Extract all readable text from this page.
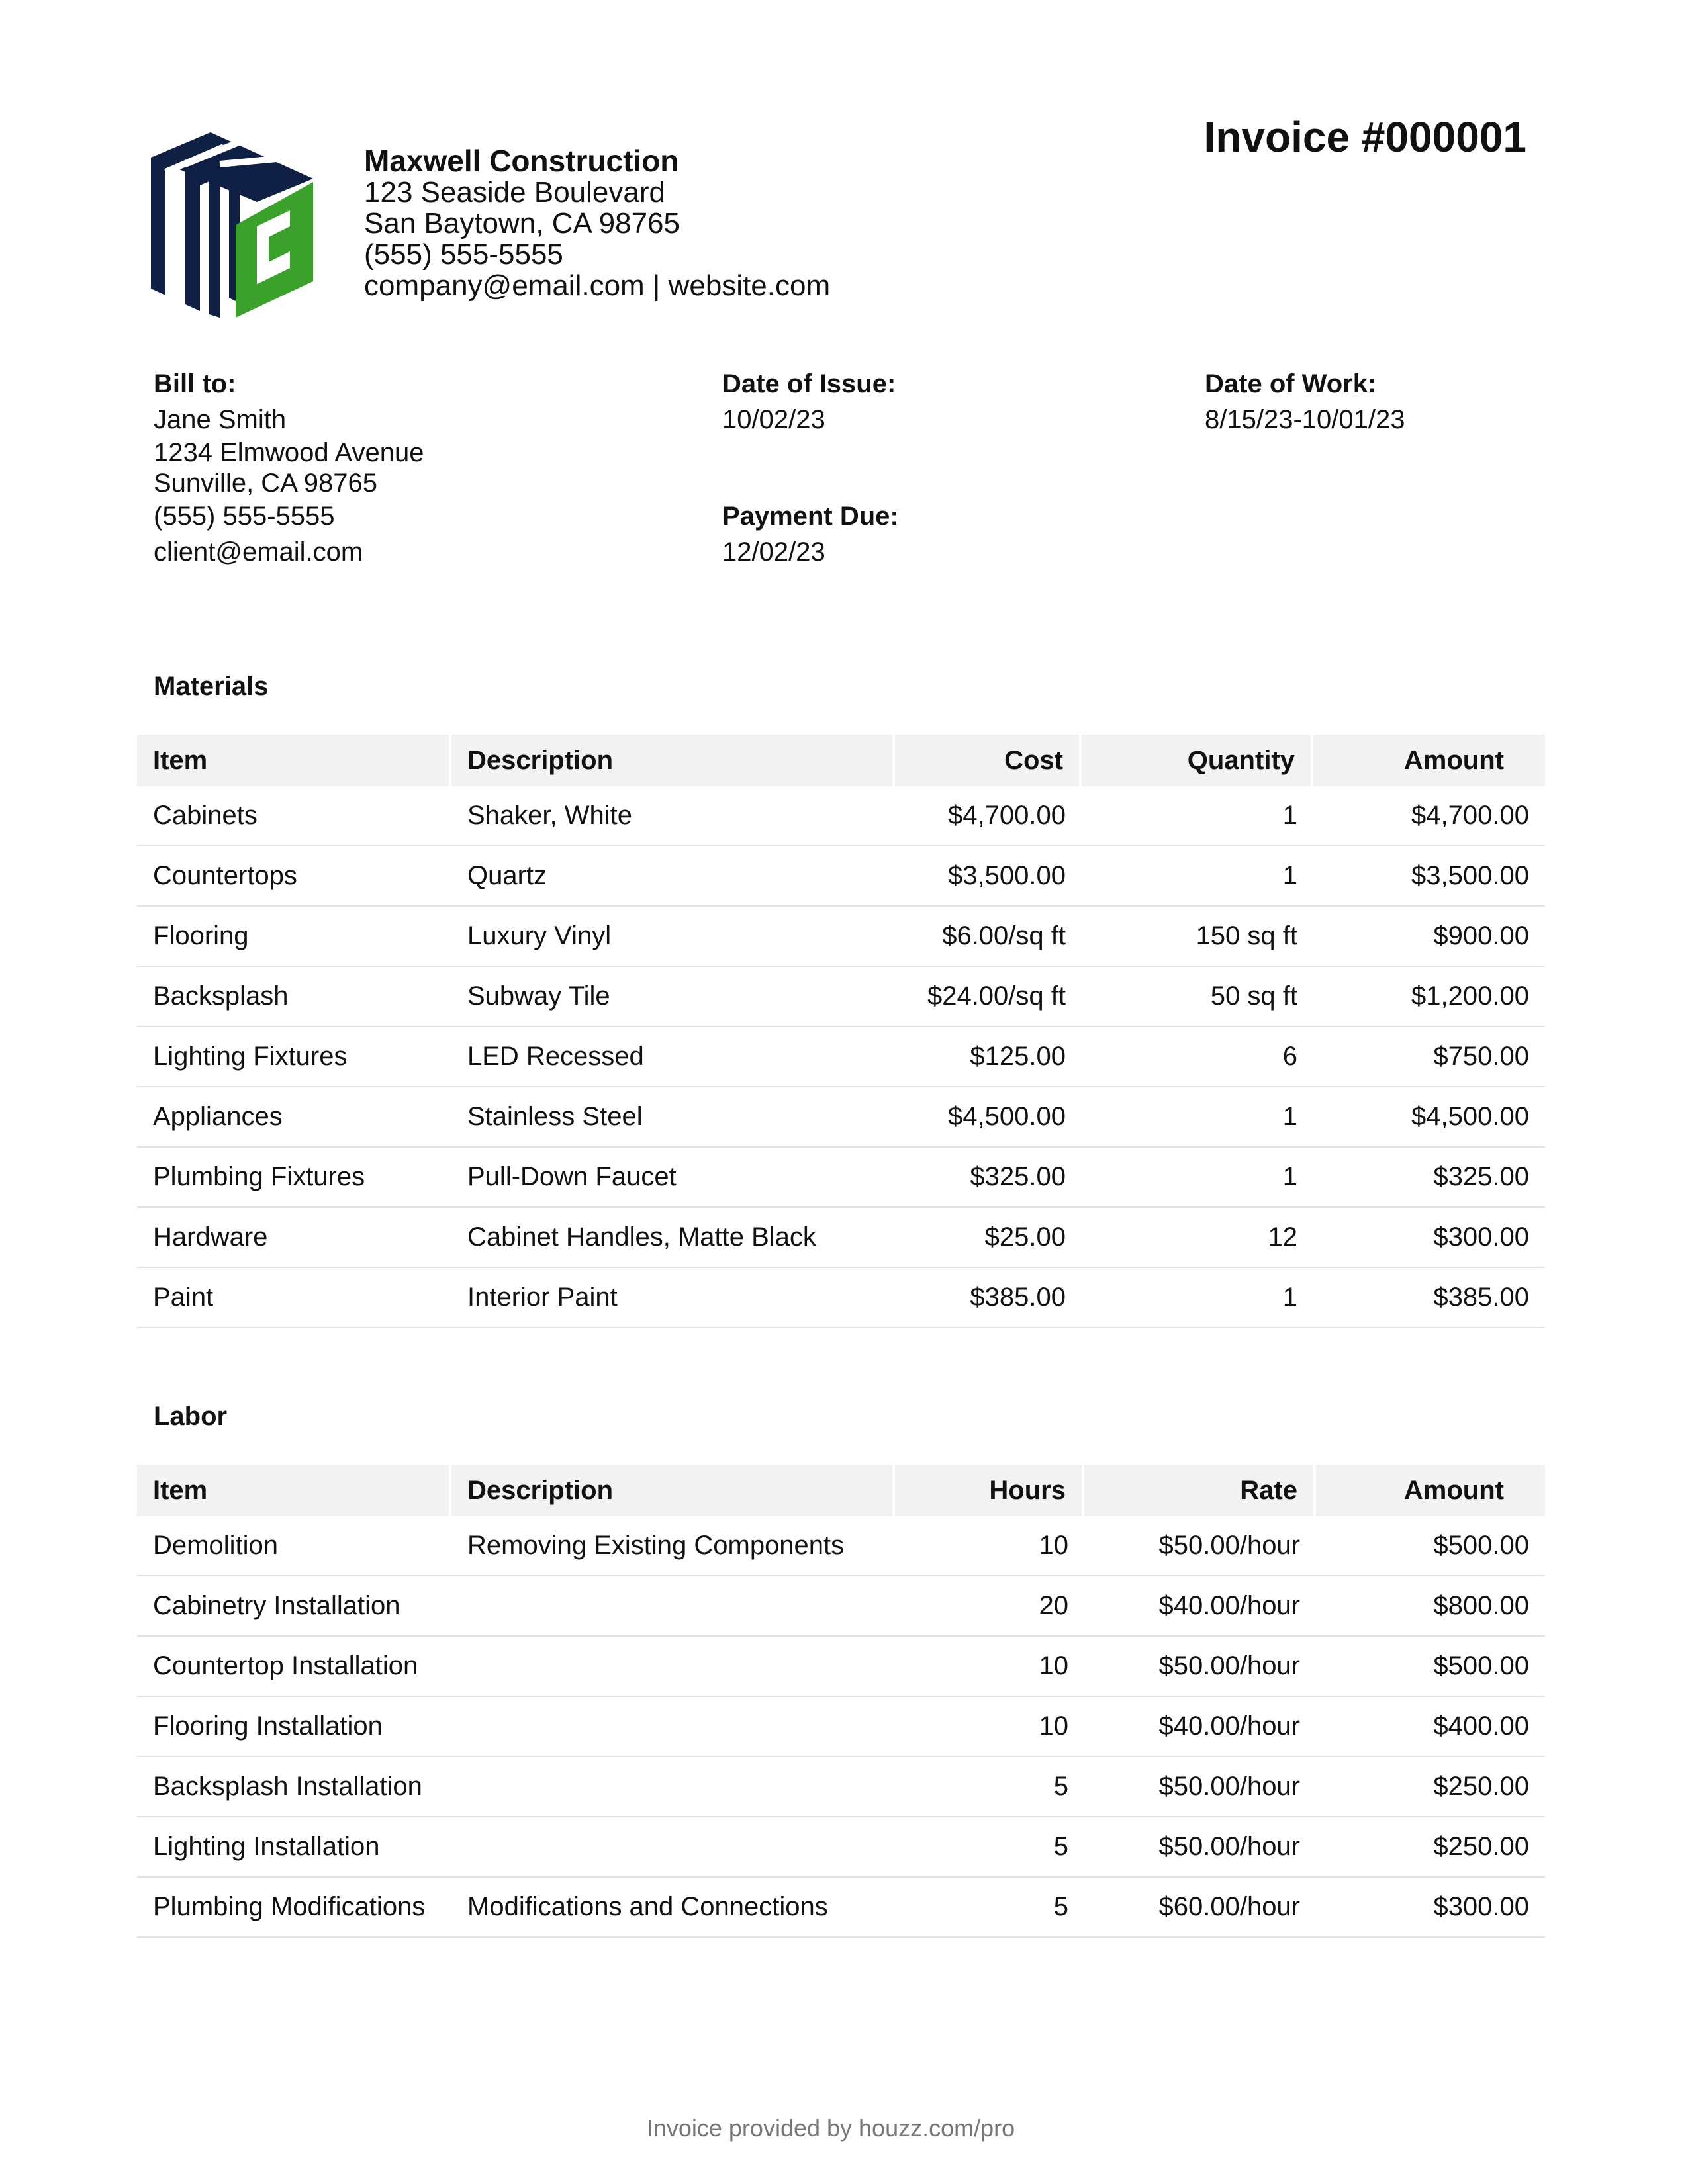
Maxwell Construction
123 Seaside Boulevard
San Baytown, CA 98765
(555) 555-5555
company@email.com | website.com
Invoice #000001
Bill to:
Jane Smith
1234 Elmwood Avenue
Sunville, CA 98765
(555) 555-5555
client@email.com
Date of Issue:
10/02/23
Payment Due:
12/02/23
Date of Work:
8/15/23-10/01/23
Materials
Item	Description	Cost	Quantity	Amount
Cabinets	Shaker, White	$4,700.00	1	$4,700.00
Countertops	Quartz	$3,500.00	1	$3,500.00
Flooring	Luxury Vinyl	$6.00/sq ft	150 sq ft	$900.00
Backsplash	Subway Tile	$24.00/sq ft	50 sq ft	$1,200.00
Lighting Fixtures	LED Recessed	$125.00	6	$750.00
Appliances	Stainless Steel	$4,500.00	1	$4,500.00
Plumbing Fixtures	Pull-Down Faucet	$325.00	1	$325.00
Hardware	Cabinet Handles, Matte Black	$25.00	12	$300.00
Paint	Interior Paint	$385.00	1	$385.00
Labor
Item	Description	Hours	Rate	Amount
Demolition	Removing Existing Components	10	$50.00/hour	$500.00
Cabinetry Installation		20	$40.00/hour	$800.00
Countertop Installation		10	$50.00/hour	$500.00
Flooring Installation		10	$40.00/hour	$400.00
Backsplash Installation		5	$50.00/hour	$250.00
Lighting Installation		5	$50.00/hour	$250.00
Plumbing Modifications	Modifications and Connections	5	$60.00/hour	$300.00
Invoice provided by houzz.com/pro
